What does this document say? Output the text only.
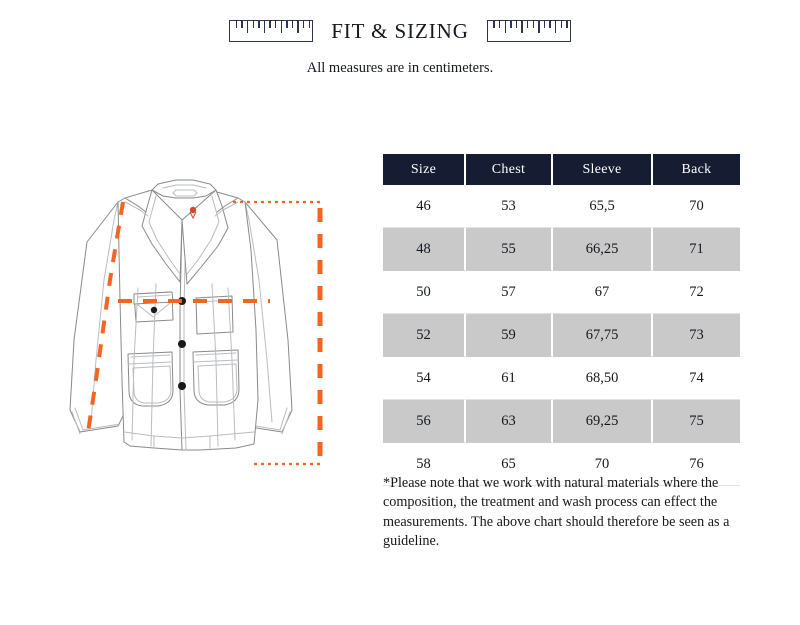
FIT & SIZING
All measures are in centimeters.
Size	Chest	Sleeve	Back
46	53	65,5	70
48	55	66,25	71
50	57	67	72
52	59	67,75	73
54	61	68,50	74
56	63	69,25	75
58	65	70	76
*Please note that we work with natural materials where the composition, the treatment and wash process can effect the measurements. The above chart should therefore be seen as a guideline.
